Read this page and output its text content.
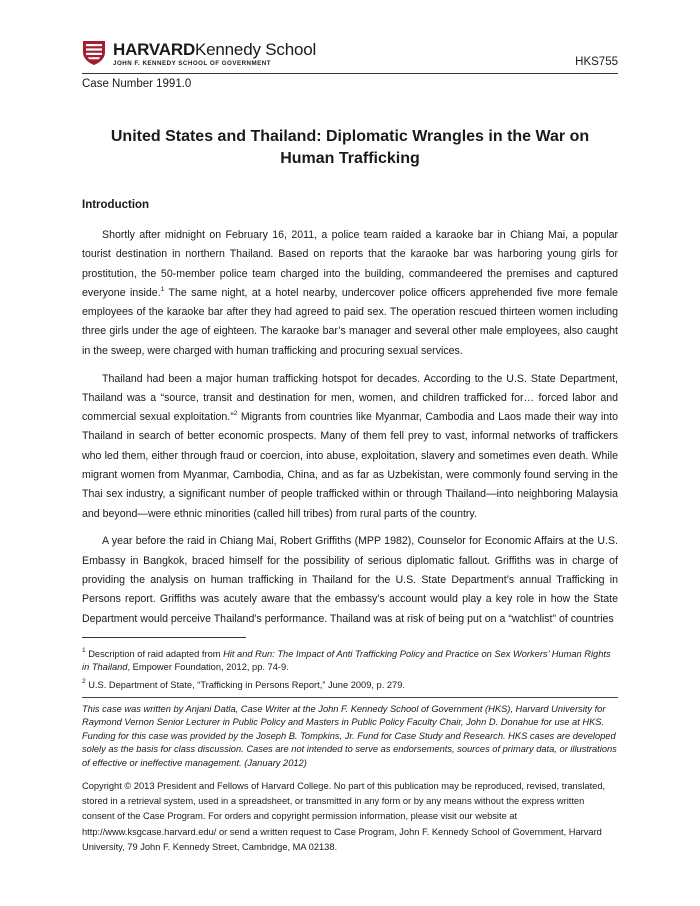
HARVARDKennedy School
JOHN F. KENNEDY SCHOOL OF GOVERNMENT	HKS755
Case Number 1991.0
United States and Thailand: Diplomatic Wrangles in the War on Human Trafficking
Introduction

Shortly after midnight on February 16, 2011, a police team raided a karaoke bar in Chiang Mai, a popular tourist destination in northern Thailand. Based on reports that the karaoke bar was harboring young girls for prostitution, the 50-member police team charged into the building, commandeered the premises and captured everyone inside.$^1$ The same night, at a hotel nearby, undercover police officers apprehended five more female employees of the karaoke bar after they had agreed to paid sex. The operation rescued thirteen women including three girls under the age of eighteen. The karaoke bar’s manager and several other male employees, also caught in the sweep, were charged with human trafficking and procuring sexual services.

Thailand had been a major human trafficking hotspot for decades. According to the U.S. State Department, Thailand was a “source, transit and destination for men, women, and children trafficked for… forced labor and commercial sexual exploitation.”$^2$ Migrants from countries like Myanmar, Cambodia and Laos made their way into Thailand in search of better economic prospects. Many of them fell prey to vast, informal networks of traffickers who led them, either through fraud or coercion, into abuse, exploitation, slavery and sometimes even death. While migrant women from Myanmar, Cambodia, China, and as far as Uzbekistan, were commonly found serving in the Thai sex industry, a significant number of people trafficked within or through Thailand—into neighboring Malaysia and beyond—were ethnic minorities (called hill tribes) from rural parts of the country.

A year before the raid in Chiang Mai, Robert Griffiths (MPP 1982), Counselor for Economic Affairs at the U.S. Embassy in Bangkok, braced himself for the possibility of serious diplomatic fallout. Griffiths was in charge of providing the analysis on human trafficking in Thailand for the U.S. State Department’s annual Trafficking in Persons report. Griffiths was acutely aware that the embassy’s account would play a key role in how the State Department would perceive Thailand’s performance. Thailand was at risk of being put on a “watchlist” of countries

$^1$ Description of raid adapted from Hit and Run: The Impact of Anti Trafficking Policy and Practice on Sex Workers’ Human Rights in Thailand, Empower Foundation, 2012, pp. 74-9.
$^2$ U.S. Department of State, “Trafficking in Persons Report,” June 2009, p. 279.
This case was written by Anjani Datla, Case Writer at the John F. Kennedy School of Government (HKS), Harvard University for Raymond Vernon Senior Lecturer in Public Policy and Masters in Public Policy Faculty Chair, John D. Donahue for use at HKS. Funding for this case was provided by the Joseph B. Tompkins, Jr. Fund for Case Study and Research. HKS cases are developed solely as the basis for class discussion. Cases are not intended to serve as endorsements, sources of primary data, or illustrations of effective or ineffective management. (January 2012)
Copyright © 2013 President and Fellows of Harvard College. No part of this publication may be reproduced, revised, translated, stored in a retrieval system, used in a spreadsheet, or transmitted in any form or by any means without the express written consent of the Case Program. For orders and copyright permission information, please visit our website at http://www.ksgcase.harvard.edu/ or send a written request to Case Program, John F. Kennedy School of Government, Harvard University, 79 John F. Kennedy Street, Cambridge, MA 02138.
